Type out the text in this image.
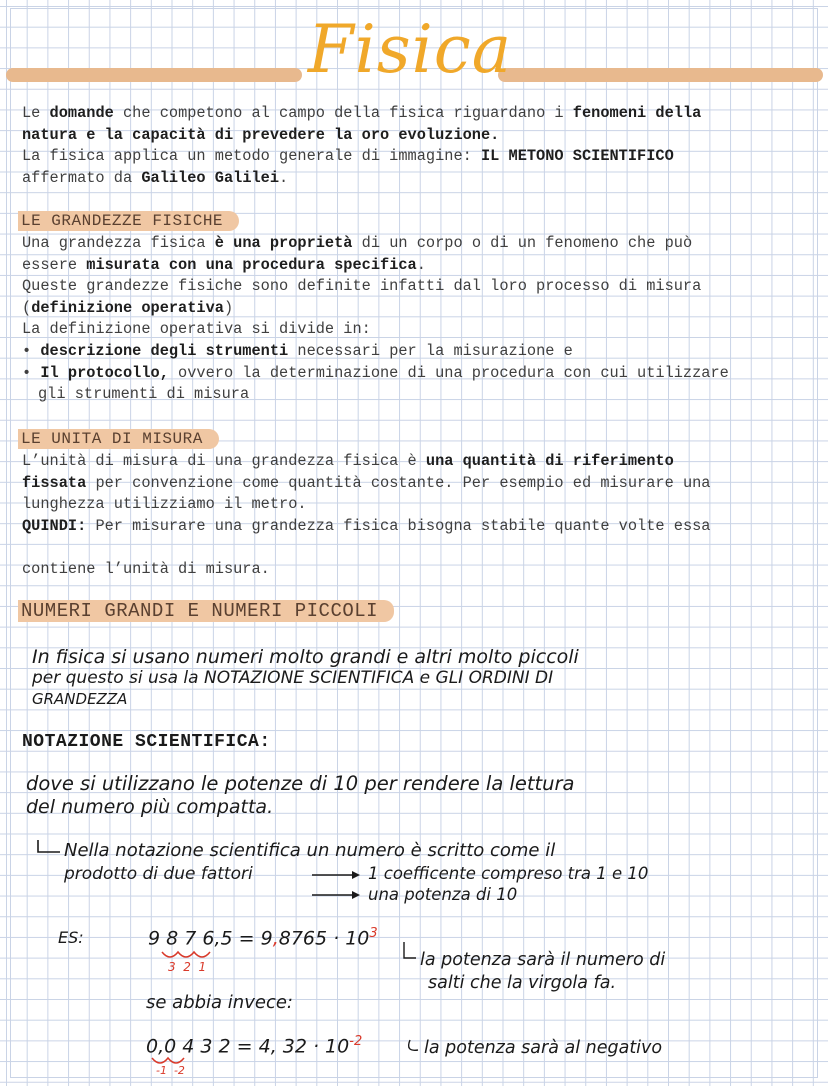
Fisica
Le domande che competono al campo della fisica riguardano i fenomeni della
natura e la capacità di prevedere la oro evoluzione.
La fisica applica un metodo generale di immagine: IL METONO SCIENTIFICO
affermato da Galileo Galilei.
LE GRANDEZZE FISICHE
Una grandezza fisica è una proprietà di un corpo o di un fenomeno che può
essere misurata con una procedura specifica.
Queste grandezze fisiche sono definite infatti dal loro processo di misura
(definizione operativa)
La definizione operativa si divide in:
• descrizione degli strumenti necessari per la misurazione e
• Il protocollo, ovvero la determinazione di una procedura con cui utilizzare gli strumenti di misura
LE UNITA DI MISURA
L’unità di misura di una grandezza fisica è una quantità di riferimento
fissata per convenzione come quantità costante. Per esempio ed misurare una
lunghezza utilizziamo il metro.
QUINDI: Per misurare una grandezza fisica bisogna stabile quante volte essa
contiene l’unità di misura.
NUMERI GRANDI E NUMERI PICCOLI

In fisica si usano numeri molto grandi e altri molto piccoli

per questo si usa la NOTAZIONE SCIENTIFICA e GLI ORDINI DI

GRANDEZZA

NOTAZIONE SCIENTIFICA:

dove si utilizzano le potenze di 10 per rendere la lettura

del numero più compatta.

Nella notazione scientifica un numero è scritto come il

prodotto di due fattori	1 coefficente compreso tra 1 e 10

una potenza di 10

ES:	9 8 7 $6,5 = 9,8765 \cdot 10^3$

3  2  1	la potenza sarà il numero di

salti che la virgola fa.

se abbia invece:

0,0 4 3 2 = 4, $32 \cdot 10^{-2}$	la potenza sarà al negativo

-1  -2
